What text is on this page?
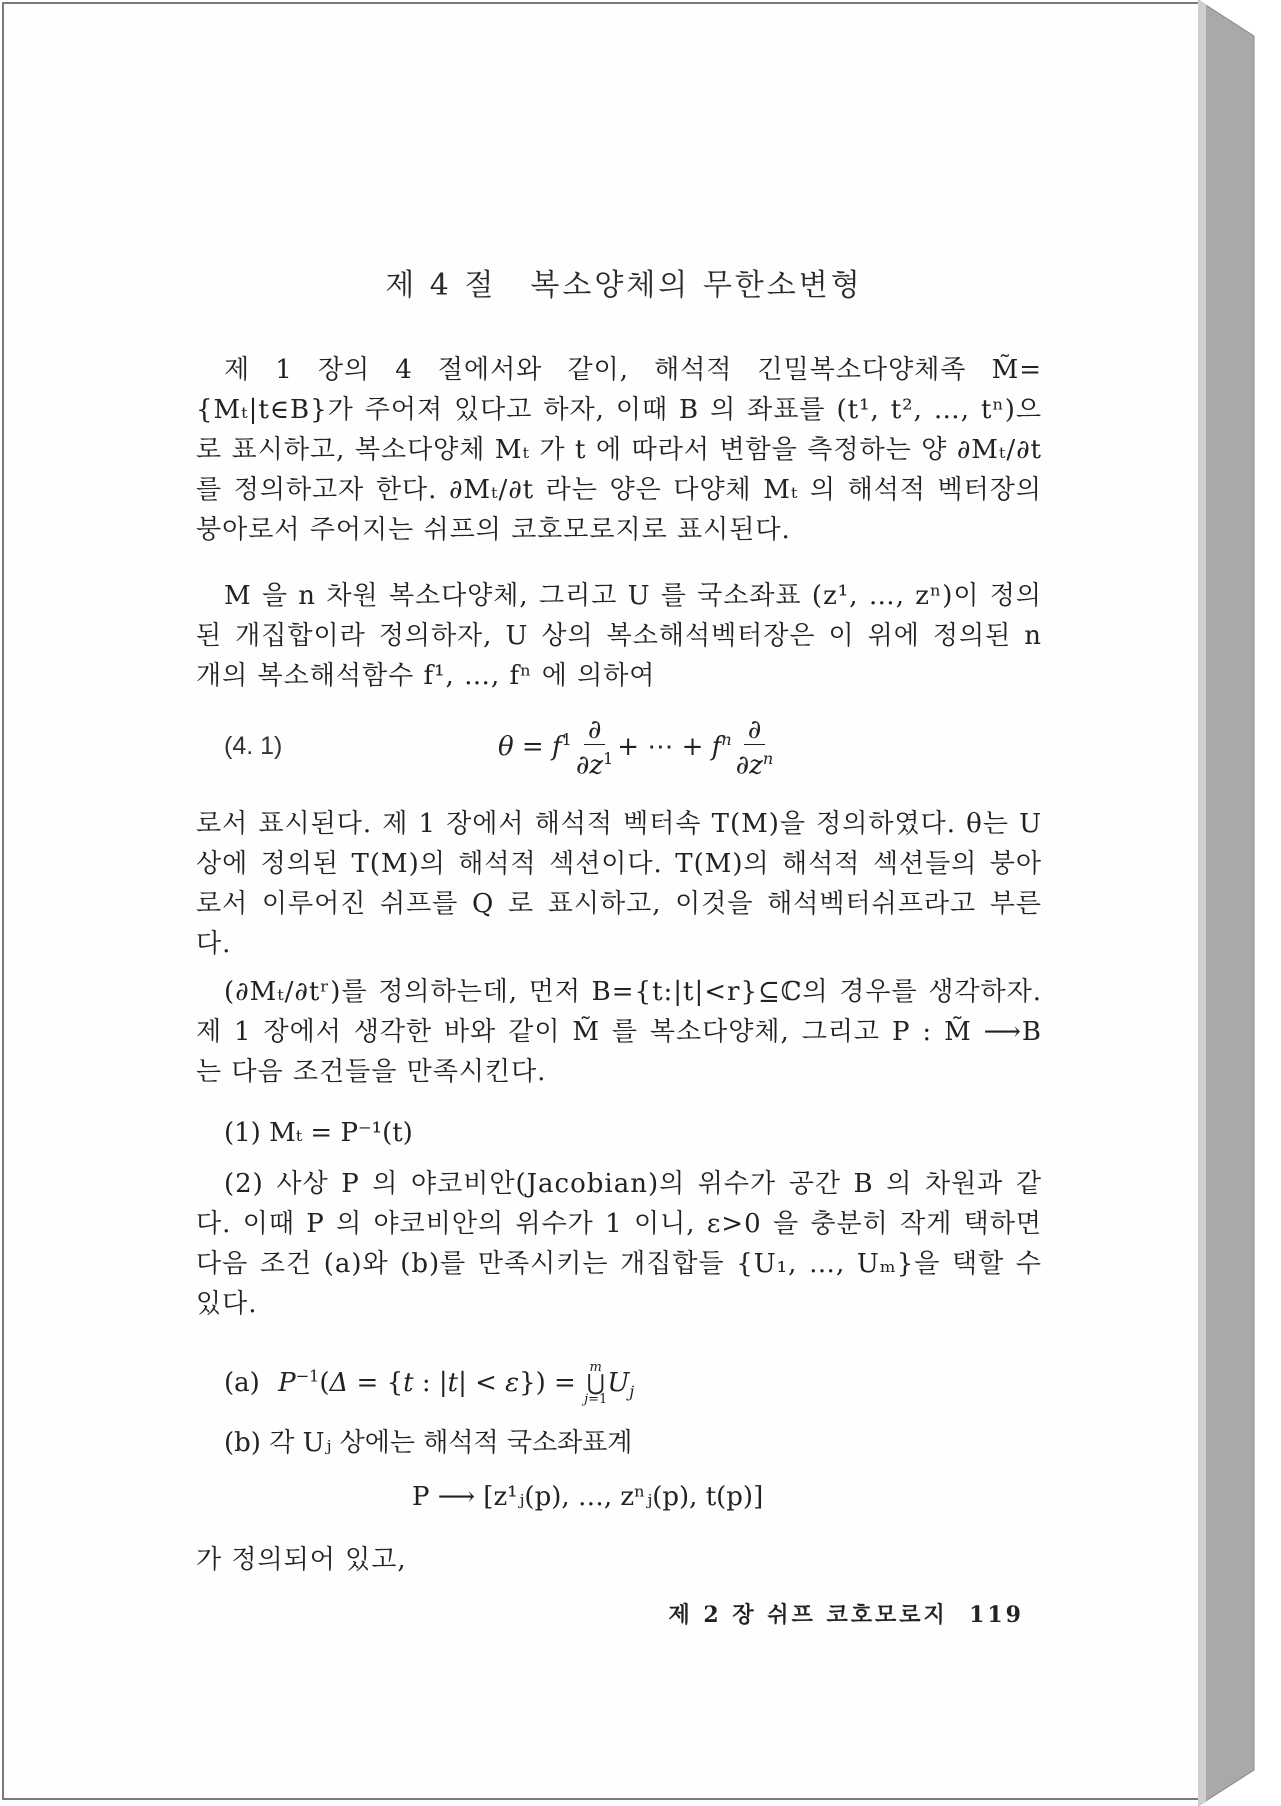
제 4 절 복소양체의 무한소변형
제 1 장의 4 절에서와 같이, 해석적 긴밀복소다양체족 M̃={Mₜ|t∈B}가 주어져 있다고 하자, 이때 B 의 좌표를 (t¹, t², …, tⁿ)으로 표시하고, 복소다양체 Mₜ 가 t 에 따라서 변함을 측정하는 양 ∂Mₜ/∂t 를 정의하고자 한다. ∂Mₜ/∂t 라는 양은 다양체 Mₜ 의 해석적 벡터장의 붕아로서 주어지는 쉬프의 코호모로지로 표시된다.
M 을 n 차원 복소다양체, 그리고 U 를 국소좌표 (z¹, …, zⁿ)이 정의된 개집합이라 정의하자, U 상의 복소해석벡터장은 이 위에 정의된 n 개의 복소해석함수 f¹, …, fⁿ 에 의하여
(4. 1)	$\theta = f^1 \frac{\partial}{\partial z^1}$ + ⋯ + $f^n \frac{\partial}{\partial z^n}$
로서 표시된다. 제 1 장에서 해석적 벡터속 T(M)을 정의하였다. θ는 U 상에 정의된 T(M)의 해석적 섹션이다. T(M)의 해석적 섹션들의 붕아로서 이루어진 쉬프를 Q 로 표시하고, 이것을 해석벡터쉬프라고 부른다.
(∂Mₜ/∂tʳ)를 정의하는데, 먼저 B={t:|t|<r}⊆ℂ의 경우를 생각하자. 제 1 장에서 생각한 바와 같이 M̃ 를 복소다양체, 그리고 P : M̃ ⟶B 는 다음 조건들을 만족시킨다.
(1) Mₜ = P⁻¹(t)
(2) 사상 P 의 야코비안(Jacobian)의 위수가 공간 B 의 차원과 같다. 이때 P 의 야코비안의 위수가 1 이니, ε>0 을 충분히 작게 택하면 다음 조건 (a)와 (b)를 만족시키는 개집합들 {U₁, …, Uₘ}을 택할 수 있다.
(a) $P^{-1}(\Delta = \{t$ : |t| < ε}) =
m
⋃
j=1
$U_j$
(b) 각 Uⱼ 상에는 해석적 국소좌표계
P ⟶ [z¹ⱼ(p), …, zⁿⱼ(p), t(p)]
가 정의되어 있고,
제 2 장 쉬프 코호모로지 119
